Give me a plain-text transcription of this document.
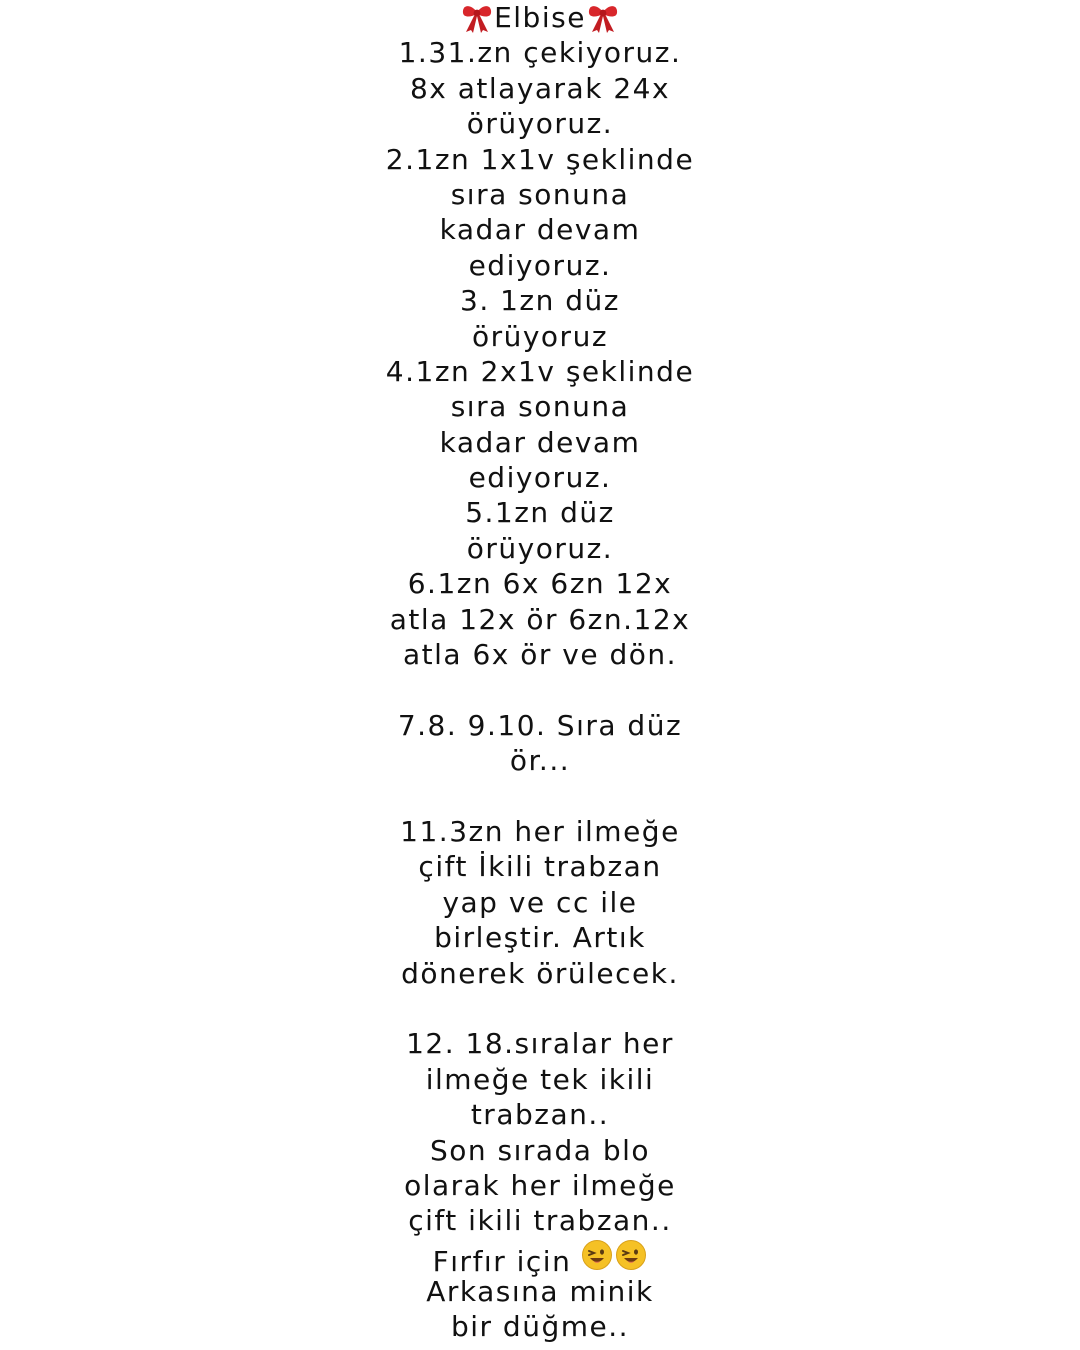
Elbise
1.31.zn çekiyoruz.
8x atlayarak 24x
örüyoruz.
2.1zn 1x1v şeklinde
sıra sonuna
kadar devam
ediyoruz.
3. 1zn düz
örüyoruz
4.1zn 2x1v şeklinde
sıra sonuna
kadar devam
ediyoruz.
5.1zn düz
örüyoruz.
6.1zn 6x 6zn 12x
atla 12x ör 6zn.12x
atla 6x ör ve dön.
7.8. 9.10. Sıra düz
ör...
11.3zn her ilmeğe
çift İkili trabzan
yap ve cc ile
birleştir. Artık
dönerek örülecek.
12. 18.sıralar her
ilmeğe tek ikili
trabzan..
Son sırada blo
olarak her ilmeğe
çift ikili trabzan..
Fırfır için
Arkasına minik
bir düğme..
